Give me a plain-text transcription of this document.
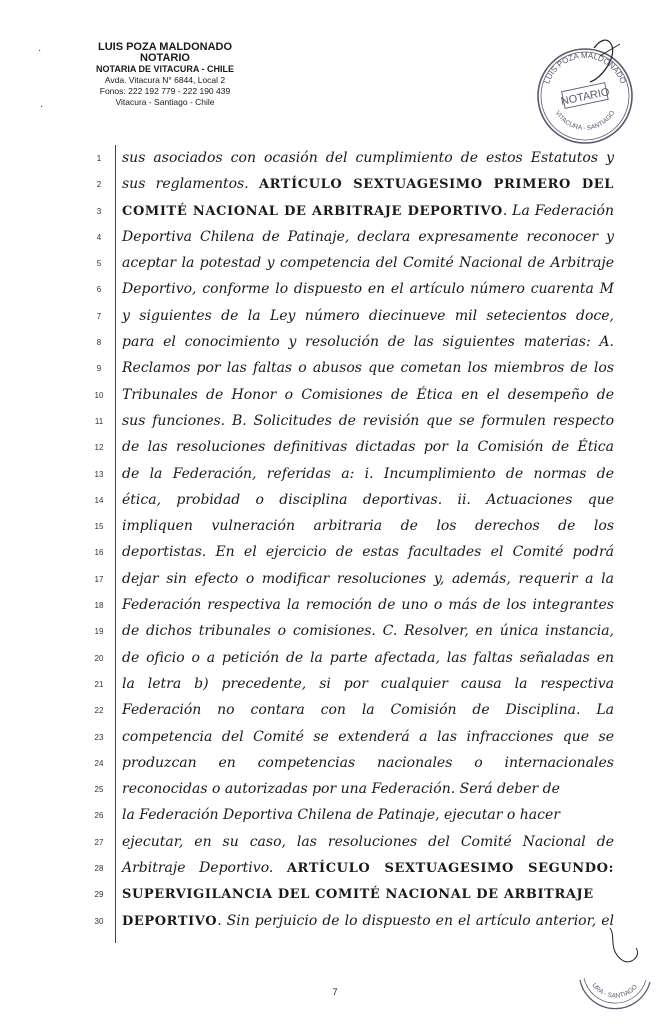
LUIS POZA MALDONADO
NOTARIO
NOTARIA DE VITACURA - CHILE
Avda. Vitacura N° 6844, Local 2
Fonos: 222 192 779 - 222 190 439
Vitacura - Santiago - Chile
·
·
LUIS POZA MALDONADO
NOTARIO
VITACURA - SANTIAGO
1	sus asociados con ocasión del cumplimiento de estos Estatutos y
2	sus reglamentos. ARTÍCULO SEXTUAGESIMO PRIMERO DEL
3	COMITÉ NACIONAL DE ARBITRAJE DEPORTIVO. La Federación
4	Deportiva Chilena de Patinaje, declara expresamente reconocer y
5	aceptar la potestad y competencia del Comité Nacional de Arbitraje
6	Deportivo, conforme lo dispuesto en el artículo número cuarenta M
7	y siguientes de la Ley número diecinueve mil setecientos doce,
8	para el conocimiento y resolución de las siguientes materias: A.
9	Reclamos por las faltas o abusos que cometan los miembros de los
10 Tribunales de Honor o Comisiones de Ética en el desempeño de
11 sus funciones. B. Solicitudes de revisión que se formulen respecto
12 de las resoluciones definitivas dictadas por la Comisión de Ética
13 de la Federación, referidas a: i. Incumplimiento de normas de
14 ética, probidad o disciplina deportivas. ii. Actuaciones que
15 impliquen vulneración arbitraria de los derechos de los
16 deportistas. En el ejercicio de estas facultades el Comité podrá
17 dejar sin efecto o modificar resoluciones y, además, requerir a la
18 Federación respectiva la remoción de uno o más de los integrantes
19 de dichos tribunales o comisiones. C. Resolver, en única instancia,
20 de oficio o a petición de la parte afectada, las faltas señaladas en
21 la letra b) precedente, si por cualquier causa la respectiva
22 Federación no contara con la Comisión de Disciplina. La
23 competencia del Comité se extenderá a las infracciones que se
24 produzcan en competencias nacionales o internacionales
25 reconocidas o autorizadas por una Federación. Será deber de
26 la Federación Deportiva Chilena de Patinaje, ejecutar o hacer
27 ejecutar, en su caso, las resoluciones del Comité Nacional de
28 Arbitraje Deportivo. ARTÍCULO SEXTUAGESIMO SEGUNDO:
29 SUPERVIGILANCIA DEL COMITÉ NACIONAL DE ARBITRAJE
30 DEPORTIVO. Sin perjuicio de lo dispuesto en el artículo anterior, el
URA - SANTIAGO
7
